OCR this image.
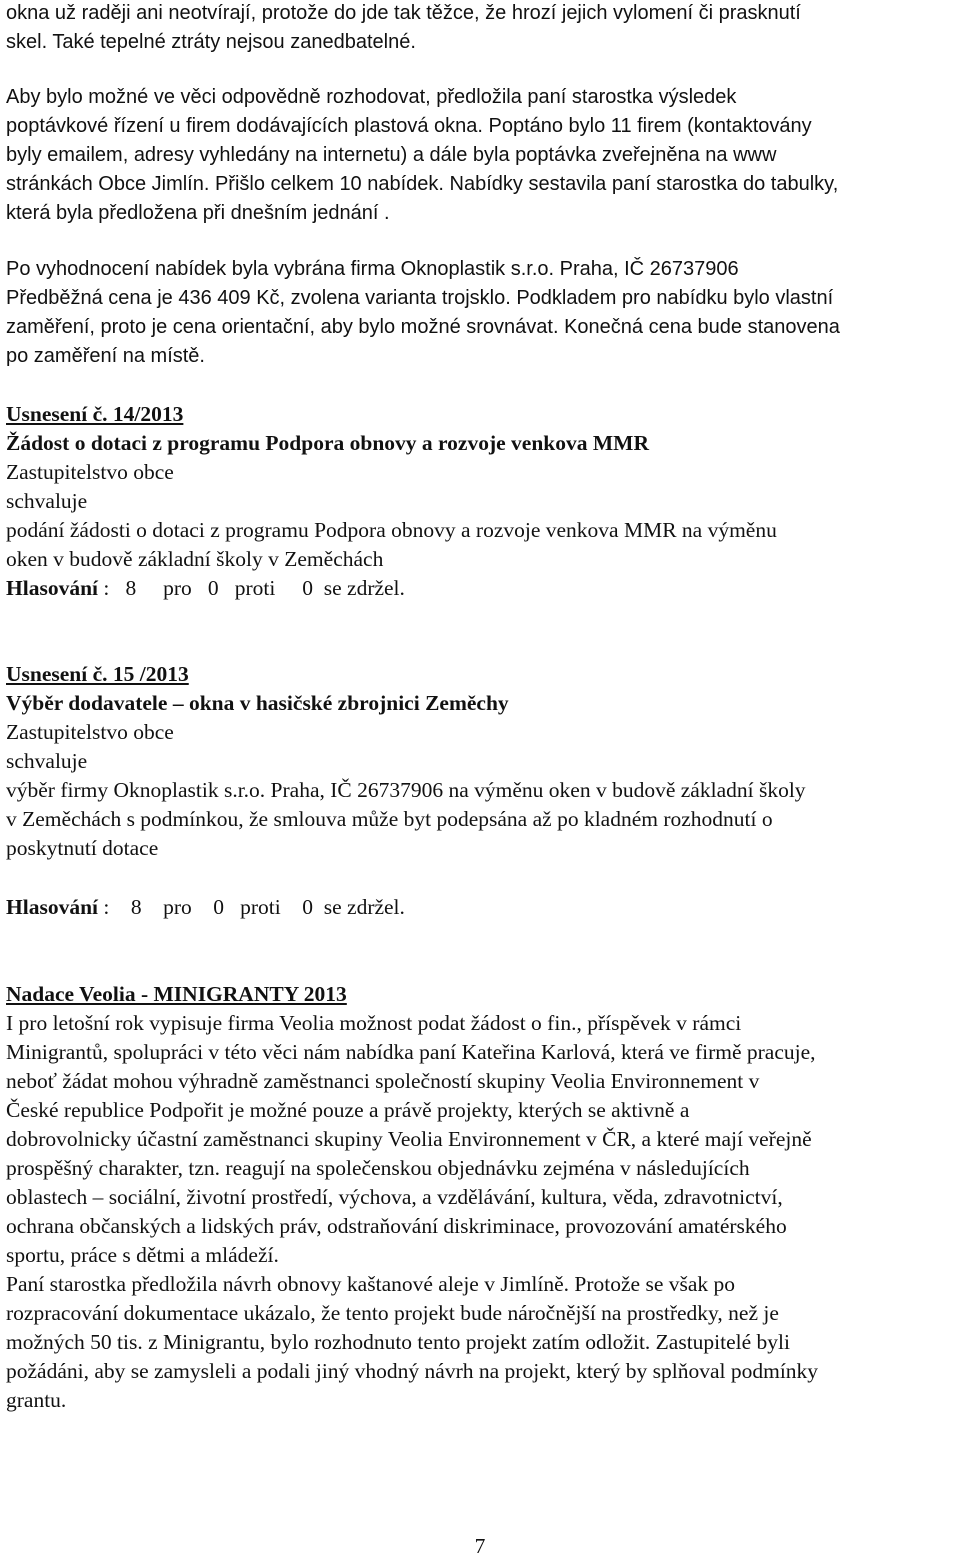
okna už raději ani neotvírají, protože do jde tak těžce, že hrozí jejich vylomení či prasknutí

skel. Také tepelné ztráty nejsou zanedbatelné.

Aby bylo možné ve věci odpovědně rozhodovat, předložila paní starostka výsledek

poptávkové řízení u firem dodávajících plastová okna. Poptáno bylo 11 firem (kontaktovány

byly emailem, adresy vyhledány na internetu) a dále byla poptávka zveřejněna na www

stránkách Obce Jimlín. Přišlo celkem 10 nabídek. Nabídky sestavila paní starostka do tabulky,

která byla předložena při dnešním jednání .

Po vyhodnocení nabídek byla vybrána firma Oknoplastik s.r.o. Praha, IČ 26737906

Předběžná cena je 436 409 Kč, zvolena varianta trojsklo. Podkladem pro nabídku bylo vlastní

zaměření, proto je cena orientační, aby bylo možné srovnávat. Konečná cena bude stanovena

po zaměření na místě.

Usnesení č. 14/2013

Žádost o dotaci z programu Podpora obnovy a rozvoje venkova MMR

Zastupitelstvo obce

schvaluje

podání žádosti o dotaci z programu Podpora obnovy a rozvoje venkova MMR na výměnu

oken v budově základní školy v Zeměchách

Hlasování :   8     pro   0   proti     0  se zdržel.

Usnesení č. 15 /2013

Výběr dodavatele – okna v hasičské zbrojnici Zeměchy

Zastupitelstvo obce

schvaluje

výběr firmy Oknoplastik s.r.o. Praha, IČ 26737906 na výměnu oken v budově základní školy

v Zeměchách s podmínkou, že smlouva může byt podepsána až po kladném rozhodnutí o

poskytnutí dotace

Hlasování :    8    pro    0   proti    0  se zdržel.

Nadace Veolia - MINIGRANTY 2013

I pro letošní rok vypisuje firma Veolia možnost podat žádost o fin., příspěvek v rámci

Minigrantů, spolupráci v této věci nám nabídka paní Kateřina Karlová, která ve firmě pracuje,

neboť žádat mohou výhradně zaměstnanci společností skupiny Veolia Environnement v

České republice Podpořit je možné pouze a právě projekty, kterých se aktivně a

dobrovolnicky účastní zaměstnanci skupiny Veolia Environnement v ČR, a které mají veřejně

prospěšný charakter, tzn. reagují na společenskou objednávku zejména v následujících

oblastech – sociální, životní prostředí, výchova, a vzdělávání, kultura, věda, zdravotnictví,

ochrana občanských a lidských práv, odstraňování diskriminace, provozování amatérského

sportu, práce s dětmi a mládeží.

Paní starostka předložila návrh obnovy kaštanové aleje v Jimlíně. Protože se však po

rozpracování dokumentace ukázalo, že tento projekt bude náročnější na prostředky, než je

možných 50 tis. z Minigrantu, bylo rozhodnuto tento projekt zatím odložit. Zastupitelé byli

požádáni, aby se zamysleli a podali jiný vhodný návrh na projekt, který by splňoval podmínky

grantu.

7
